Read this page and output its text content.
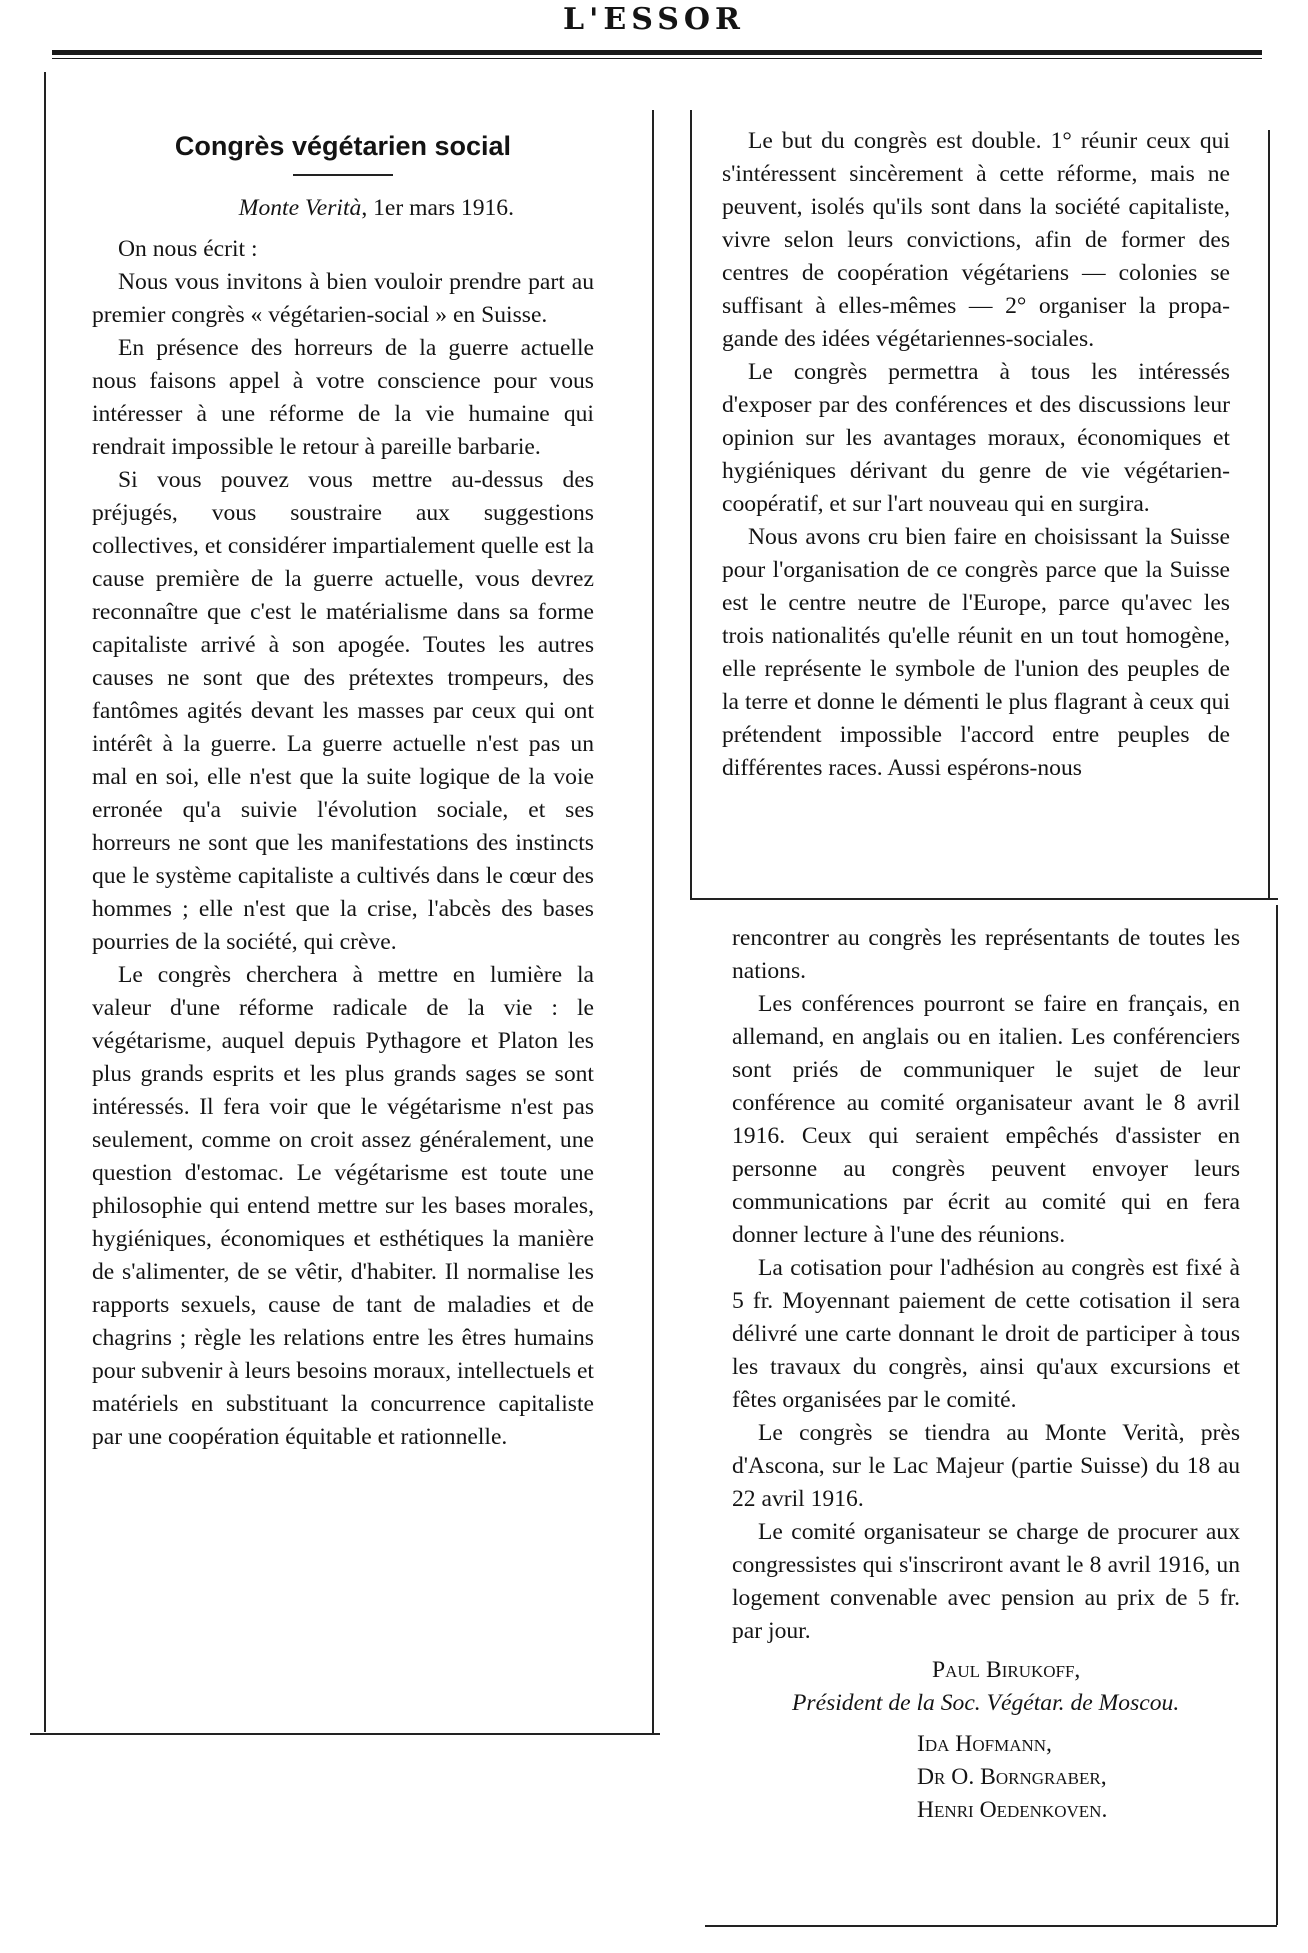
L'ESSOR

Congrès végétarien social

Monte Verità, 1er mars 1916.

On nous écrit :

Nous vous invitons à bien vouloir prendre part au premier congrès « végétarien-social » en Suisse.

En présence des horreurs de la guerre actuelle nous faisons appel à votre conscience pour vous intéresser à une réforme de la vie humaine qui rendrait impossible le retour à pareille barbarie.

Si vous pouvez vous mettre au-dessus des préjugés, vous soustraire aux suggestions collectives, et considérer impartialement quelle est la cause première de la guerre actuelle, vous devrez reconnaître que c'est le matérialisme dans sa forme capitaliste arrivé à son apogée. Toutes les autres causes ne sont que des prétextes trompeurs, des fantômes agités devant les masses par ceux qui ont intérêt à la guerre. La guerre actuelle n'est pas un mal en soi, elle n'est que la suite logique de la voie erronée qu'a suivie l'évolution sociale, et ses horreurs ne sont que les manifestations des instincts que le système capitaliste a cultivés dans le cœur des hommes ; elle n'est que la crise, l'abcès des bases pourries de la société, qui crève.

Le congrès cherchera à mettre en lumière la valeur d'une réforme radicale de la vie : le végétarisme, auquel depuis Pythagore et Platon les plus grands esprits et les plus grands sages se sont intéressés. Il fera voir que le végétarisme n'est pas seulement, comme on croit assez généralement, une question d'estomac. Le végétarisme est toute une philosophie qui entend mettre sur les bases morales, hygiéniques, économiques et esthétiques la manière de s'alimenter, de se vêtir, d'habiter. Il normalise les rapports sexuels, cause de tant de maladies et de chagrins ; règle les relations entre les êtres humains pour subvenir à leurs besoins moraux, intellectuels et matériels en substituant la concurrence capitaliste par une coopération équitable et rationnelle.

Le but du congrès est double. 1° réunir ceux qui s'intéressent sincèrement à cette réforme, mais ne peuvent, isolés qu'ils sont dans la société capitaliste, vivre selon leurs convictions, afin de former des centres de coopération végétariens — colonies se suffisant à elles-mêmes — 2° organiser la propagande des idées végétariennes-sociales.

Le congrès permettra à tous les intéressés d'exposer par des conférences et des discussions leur opinion sur les avantages moraux, économiques et hygiéniques dérivant du genre de vie végétarien-coopératif, et sur l'art nouveau qui en surgira.

Nous avons cru bien faire en choisissant la Suisse pour l'organisation de ce congrès parce que la Suisse est le centre neutre de l'Europe, parce qu'avec les trois nationalités qu'elle réunit en un tout homogène, elle représente le symbole de l'union des peuples de la terre et donne le démenti le plus flagrant à ceux qui prétendent impossible l'accord entre peuples de différentes races. Aussi espérons-nous

rencontrer au congrès les représentants de toutes les nations.

Les conférences pourront se faire en français, en allemand, en anglais ou en italien. Les conférenciers sont priés de communiquer le sujet de leur conférence au comité organisateur avant le 8 avril 1916. Ceux qui seraient empêchés d'assister en personne au congrès peuvent envoyer leurs communications par écrit au comité qui en fera donner lecture à l'une des réunions.

La cotisation pour l'adhésion au congrès est fixé à 5 fr. Moyennant paiement de cette cotisation il sera délivré une carte donnant le droit de participer à tous les travaux du congrès, ainsi qu'aux excursions et fêtes organisées par le comité.

Le congrès se tiendra au Monte Verità, près d'Ascona, sur le Lac Majeur (partie Suisse) du 18 au 22 avril 1916.

Le comité organisateur se charge de procurer aux congressistes qui s'inscriront avant le 8 avril 1916, un logement convenable avec pension au prix de 5 fr. par jour.

Paul Birukoff,

Président de la Soc. Végétar. de Moscou.

Ida Hofmann,

Dr O. Borngraber,

Henri Oedenkoven.
